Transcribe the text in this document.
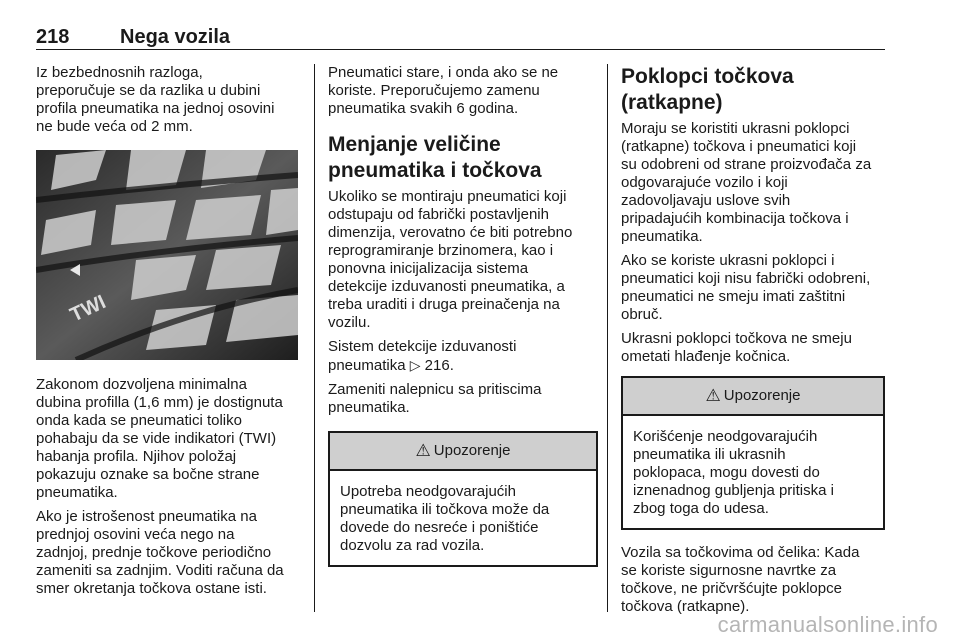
218	Nega vozila

Iz bezbednosnih razloga,
preporučuje se da razlika u dubini
profila pneumatika na jednoj osovini
ne bude veća od 2 mm.

TWI

Zakonom dozvoljena minimalna
dubina profilla (1,6 mm) je dostignuta
onda kada se pneumatici toliko
pohabaju da se vide indikatori (TWI)
habanja profila. Njihov položaj
pokazuju oznake sa bočne strane
pneumatika.

Ako je istrošenost pneumatika na
prednjoj osovini veća nego na
zadnjoj, prednje točkove periodično
zameniti sa zadnjim. Voditi računa da
smer okretanja točkova ostane isti.

Pneumatici stare, i onda ako se ne
koriste. Preporučujemo zamenu
pneumatika svakih 6 godina.

Menjanje veličine
pneumatika i točkova

Ukoliko se montiraju pneumatici koji
odstupaju od fabrički postavljenih
dimenzija, verovatno će biti potrebno
reprogramiranje brzinomera, kao i
ponovna inicijalizacija sistema
detekcije izduvanosti pneumatika, a
treba uraditi i druga preinačenja na
vozilu.

Sistem detekcije izduvanosti
pneumatika ▷ 216.

Zameniti nalepnicu sa pritiscima
pneumatika.

⚠ Upozorenje
Upotreba neodgovarajućih
pneumatika ili točkova može da
dovede do nesreće i poništiće
dozvolu za rad vozila.
Poklopci točkova (ratkapne)

Moraju se koristiti ukrasni poklopci
(ratkapne) točkova i pneumatici koji
su odobreni od strane proizvođača za
odgovarajuće vozilo i koji
zadovoljavaju uslove svih
pripadajućih kombinacija točkova i
pneumatika.

Ako se koriste ukrasni poklopci i
pneumatici koji nisu fabrički odobreni,
pneumatici ne smeju imati zaštitni
obruč.

Ukrasni poklopci točkova ne smeju
ometati hlađenje kočnica.

⚠ Upozorenje
Korišćenje neodgovarajućih
pneumatika ili ukrasnih
poklopaca, mogu dovesti do
iznenadnog gubljenja pritiska i
zbog toga do udesa.

Vozila sa točkovima od čelika: Kada
se koriste sigurnosne navrtke za
točkove, ne pričvršćujte poklopce
točkova (ratkapne).

carmanualsonline.info
